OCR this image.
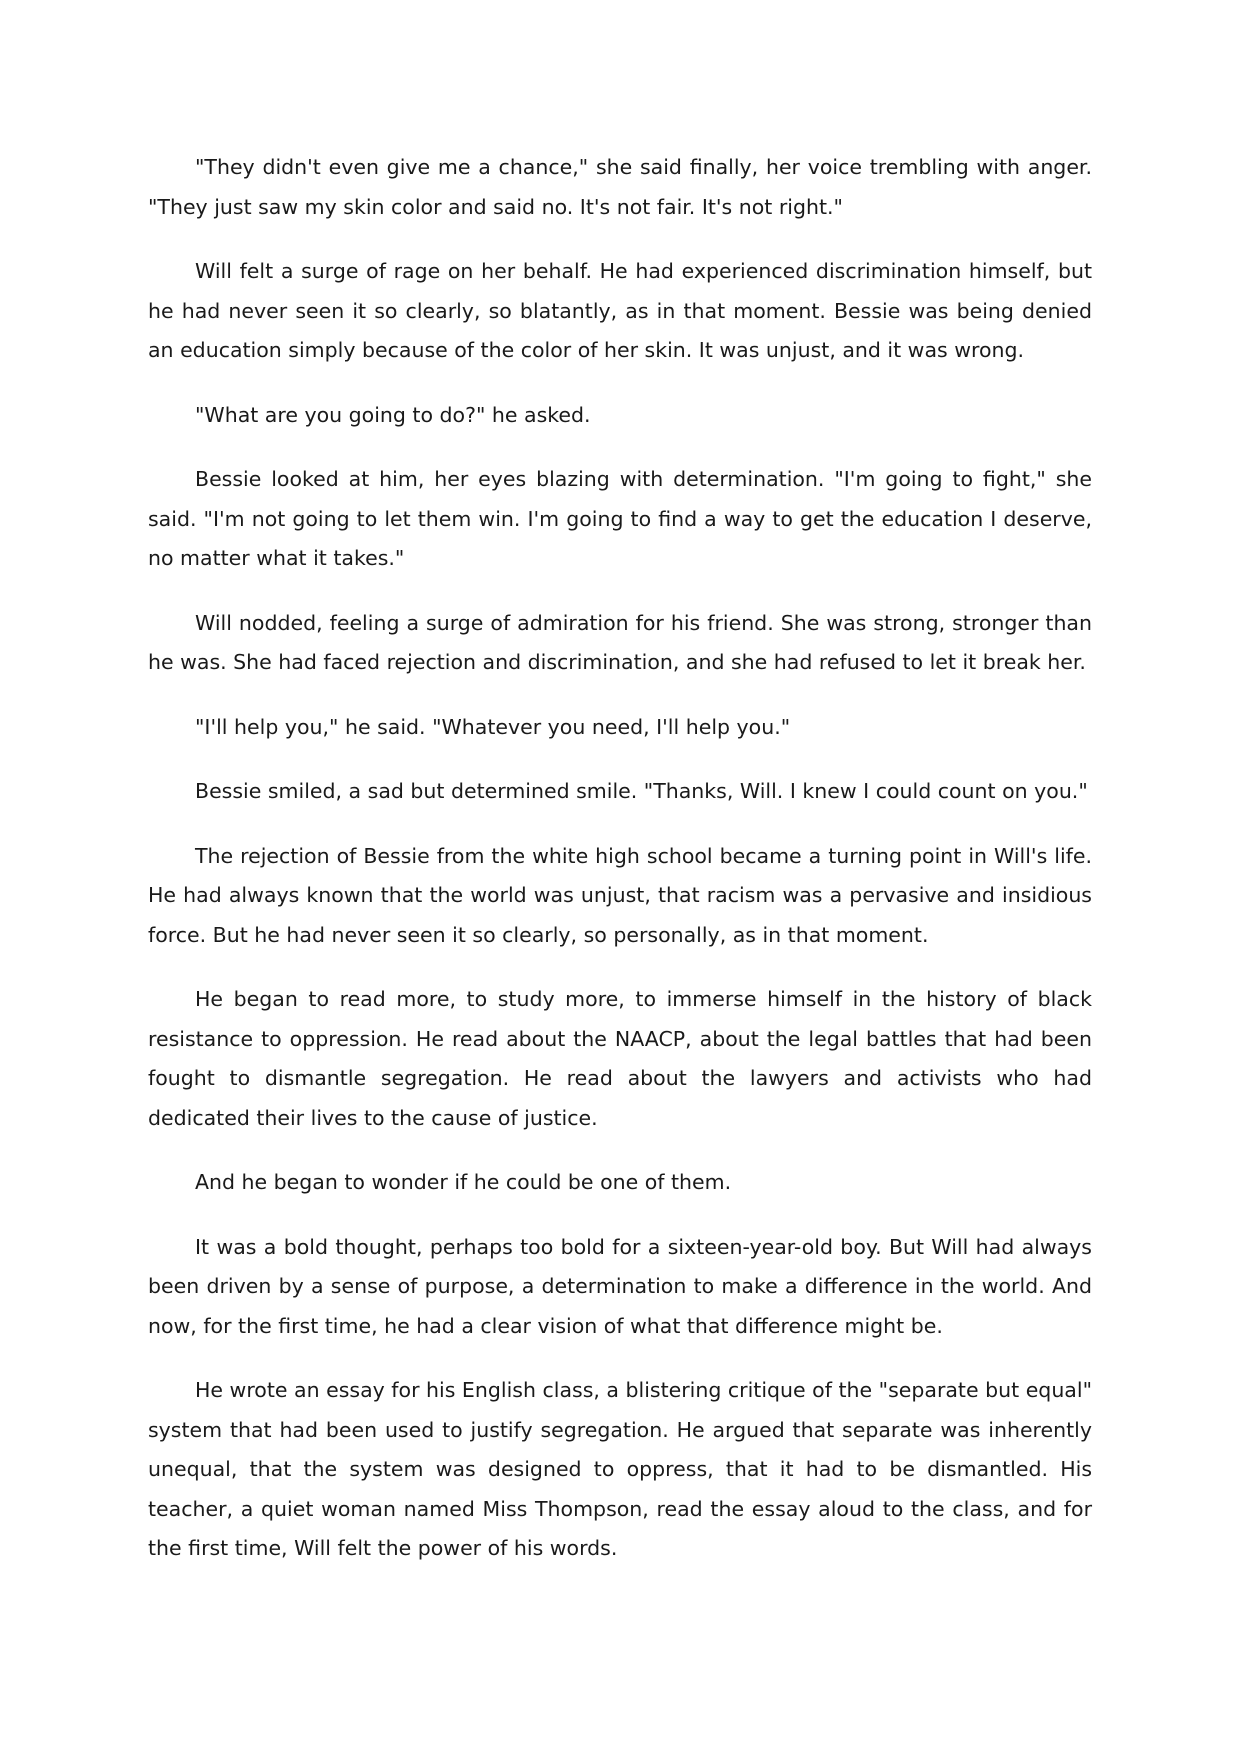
"They didn't even give me a chance," she said finally, her voice trembling with anger. "They just saw my skin color and said no. It's not fair. It's not right."

Will felt a surge of rage on her behalf. He had experienced discrimination himself, but he had never seen it so clearly, so blatantly, as in that moment. Bessie was being denied an education simply because of the color of her skin. It was unjust, and it was wrong.

"What are you going to do?" he asked.

Bessie looked at him, her eyes blazing with determination. "I'm going to fight," she said. "I'm not going to let them win. I'm going to find a way to get the education I deserve, no matter what it takes."

Will nodded, feeling a surge of admiration for his friend. She was strong, stronger than he was. She had faced rejection and discrimination, and she had refused to let it break her.

"I'll help you," he said. "Whatever you need, I'll help you."

Bessie smiled, a sad but determined smile. "Thanks, Will. I knew I could count on you."

The rejection of Bessie from the white high school became a turning point in Will's life. He had always known that the world was unjust, that racism was a pervasive and insidious force. But he had never seen it so clearly, so personally, as in that moment.

He began to read more, to study more, to immerse himself in the history of black resistance to oppression. He read about the NAACP, about the legal battles that had been fought to dismantle segregation. He read about the lawyers and activists who had dedicated their lives to the cause of justice.

And he began to wonder if he could be one of them.

It was a bold thought, perhaps too bold for a sixteen-year-old boy. But Will had always been driven by a sense of purpose, a determination to make a difference in the world. And now, for the first time, he had a clear vision of what that difference might be.

He wrote an essay for his English class, a blistering critique of the "separate but equal" system that had been used to justify segregation. He argued that separate was inherently unequal, that the system was designed to oppress, that it had to be dismantled. His teacher, a quiet woman named Miss Thompson, read the essay aloud to the class, and for the first time, Will felt the power of his words.
